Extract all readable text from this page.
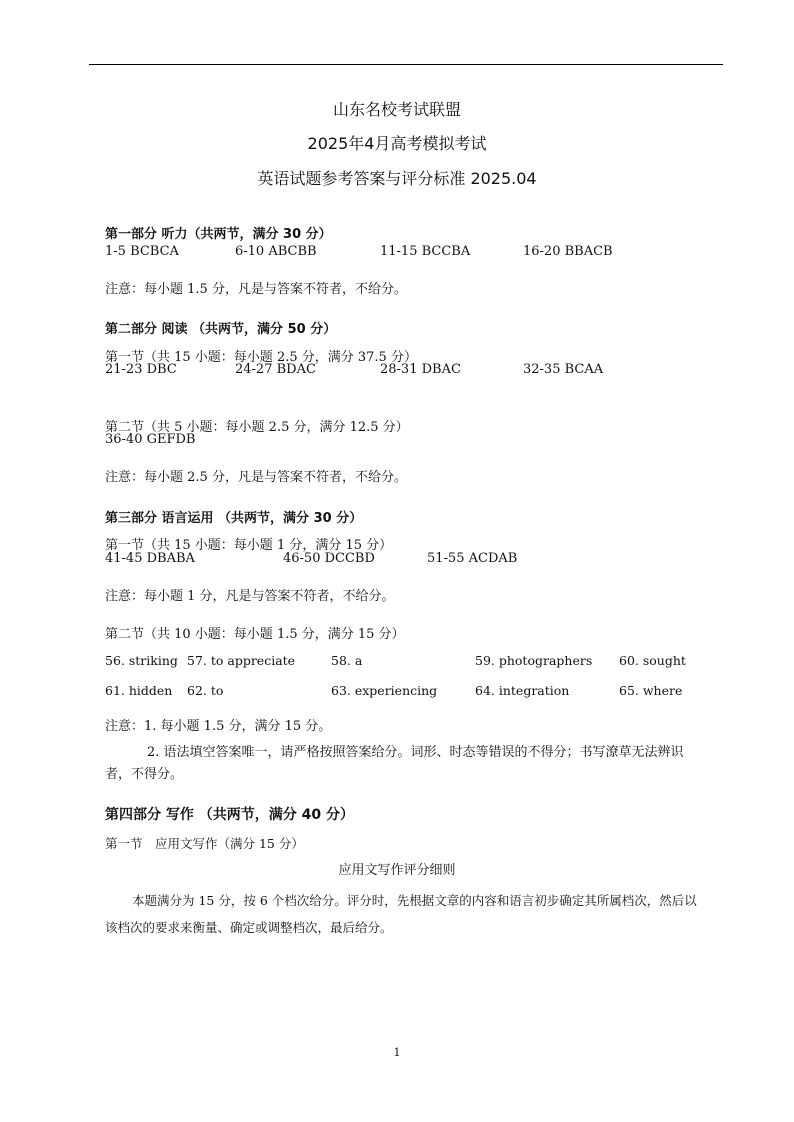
山东名校考试联盟
2025年4月高考模拟考试
英语试题参考答案与评分标准 2025.04
第一部分 听力（共两节，满分 30 分）
1-5 BCBCA	6-10 ABCBB	11-15 BCCBA	16-20 BBACB
注意：每小题 1.5 分，凡是与答案不符者，不给分。
第二部分 阅读 （共两节，满分 50 分）
第一节（共 15 小题：每小题 2.5 分，满分 37.5 分）
21-23 DBC	24-27 BDAC	28-31 DBAC	32-35 BCAA
第二节（共 5 小题：每小题 2.5 分，满分 12.5 分）
36-40 GEFDB
注意：每小题 2.5 分，凡是与答案不符者，不给分。
第三部分 语言运用 （共两节，满分 30 分）
第一节（共 15 小题：每小题 1 分，满分 15 分）
41-45 DBABA	46-50 DCCBD	51-55 ACDAB
注意：每小题 1 分，凡是与答案不符者，不给分。
第二节（共 10 小题：每小题 1.5 分，满分 15 分）
56. striking 57. to appreciate	58. a	59. photographers 60. sought
61. hidden 62. to	63. experiencing	64. integration	65. where
注意：1. 每小题 1.5 分，满分 15 分。
2. 语法填空答案唯一，请严格按照答案给分。词形、时态等错误的不得分；书写潦草无法辨识者，不得分。
第四部分 写作 （共两节，满分 40 分）
第一节　应用文写作（满分 15 分）
应用文写作评分细则
本题满分为 15 分，按 6 个档次给分。评分时，先根据文章的内容和语言初步确定其所属档次，然后以该档次的要求来衡量、确定或调整档次，最后给分。
1
